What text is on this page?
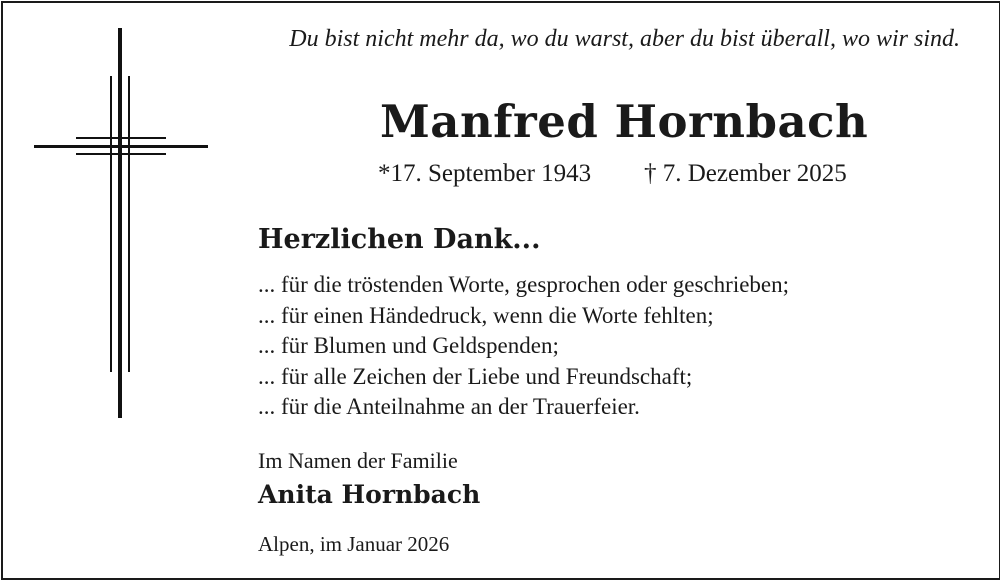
Du bist nicht mehr da, wo du warst, aber du bist überall, wo wir sind.
Manfred Hornbach
*17. September 1943 † 7. Dezember 2025
Herzlichen Dank...
... für die tröstenden Worte, gesprochen oder geschrieben;
... für einen Händedruck, wenn die Worte fehlten;
... für Blumen und Geldspenden;
... für alle Zeichen der Liebe und Freundschaft;
... für die Anteilnahme an der Trauerfeier.
Im Namen der Familie
Anita Hornbach
Alpen, im Januar 2026
